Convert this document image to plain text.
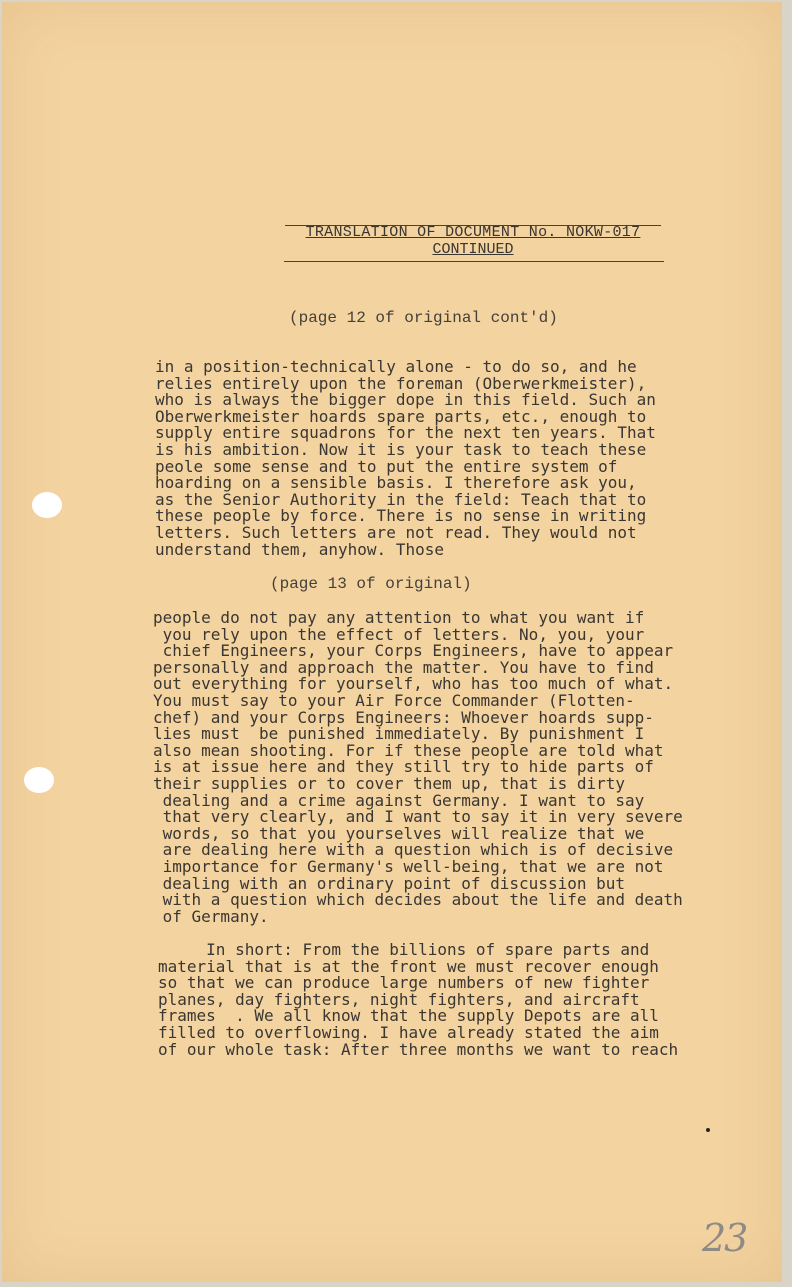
TRANSLATION OF DOCUMENT No. NOKW-017
CONTINUED
(page 12 of original cont'd)
in a position-technically alone - to do so, and he
relies entirely upon the foreman (Oberwerkmeister),
who is always the bigger dope in this field. Such an
Oberwerkmeister hoards spare parts, etc., enough to
supply entire squadrons for the next ten years. That
is his ambition. Now it is your task to teach these
peole some sense and to put the entire system of
hoarding on a sensible basis. I therefore ask you,
as the Senior Authority in the field: Teach that to
these people by force. There is no sense in writing
letters. Such letters are not read. They would not
understand them, anyhow. Those
(page 13 of original)
people do not pay any attention to what you want if
you rely upon the effect of letters. No, you, your
chief Engineers, your Corps Engineers, have to appear
personally and approach the matter. You have to find
out everything for yourself, who has too much of what.
You must say to your Air Force Commander (Flotten-
chef) and your Corps Engineers: Whoever hoards supp-
lies must  be punished immediately. By punishment I
also mean shooting. For if these people are told what
is at issue here and they still try to hide parts of
their supplies or to cover them up, that is dirty
dealing and a crime against Germany. I want to say
that very clearly, and I want to say it in very severe
words, so that you yourselves will realize that we
are dealing here with a question which is of decisive
importance for Germany's well-being, that we are not
dealing with an ordinary point of discussion but
with a question which decides about the life and death
of Germany.
In short: From the billions of spare parts and
material that is at the front we must recover enough
so that we can produce large numbers of new fighter
planes, day fighters, night fighters, and aircraft
frames  . We all know that the supply Depots are all
filled to overflowing. I have already stated the aim
of our whole task: After three months we want to reach
23
